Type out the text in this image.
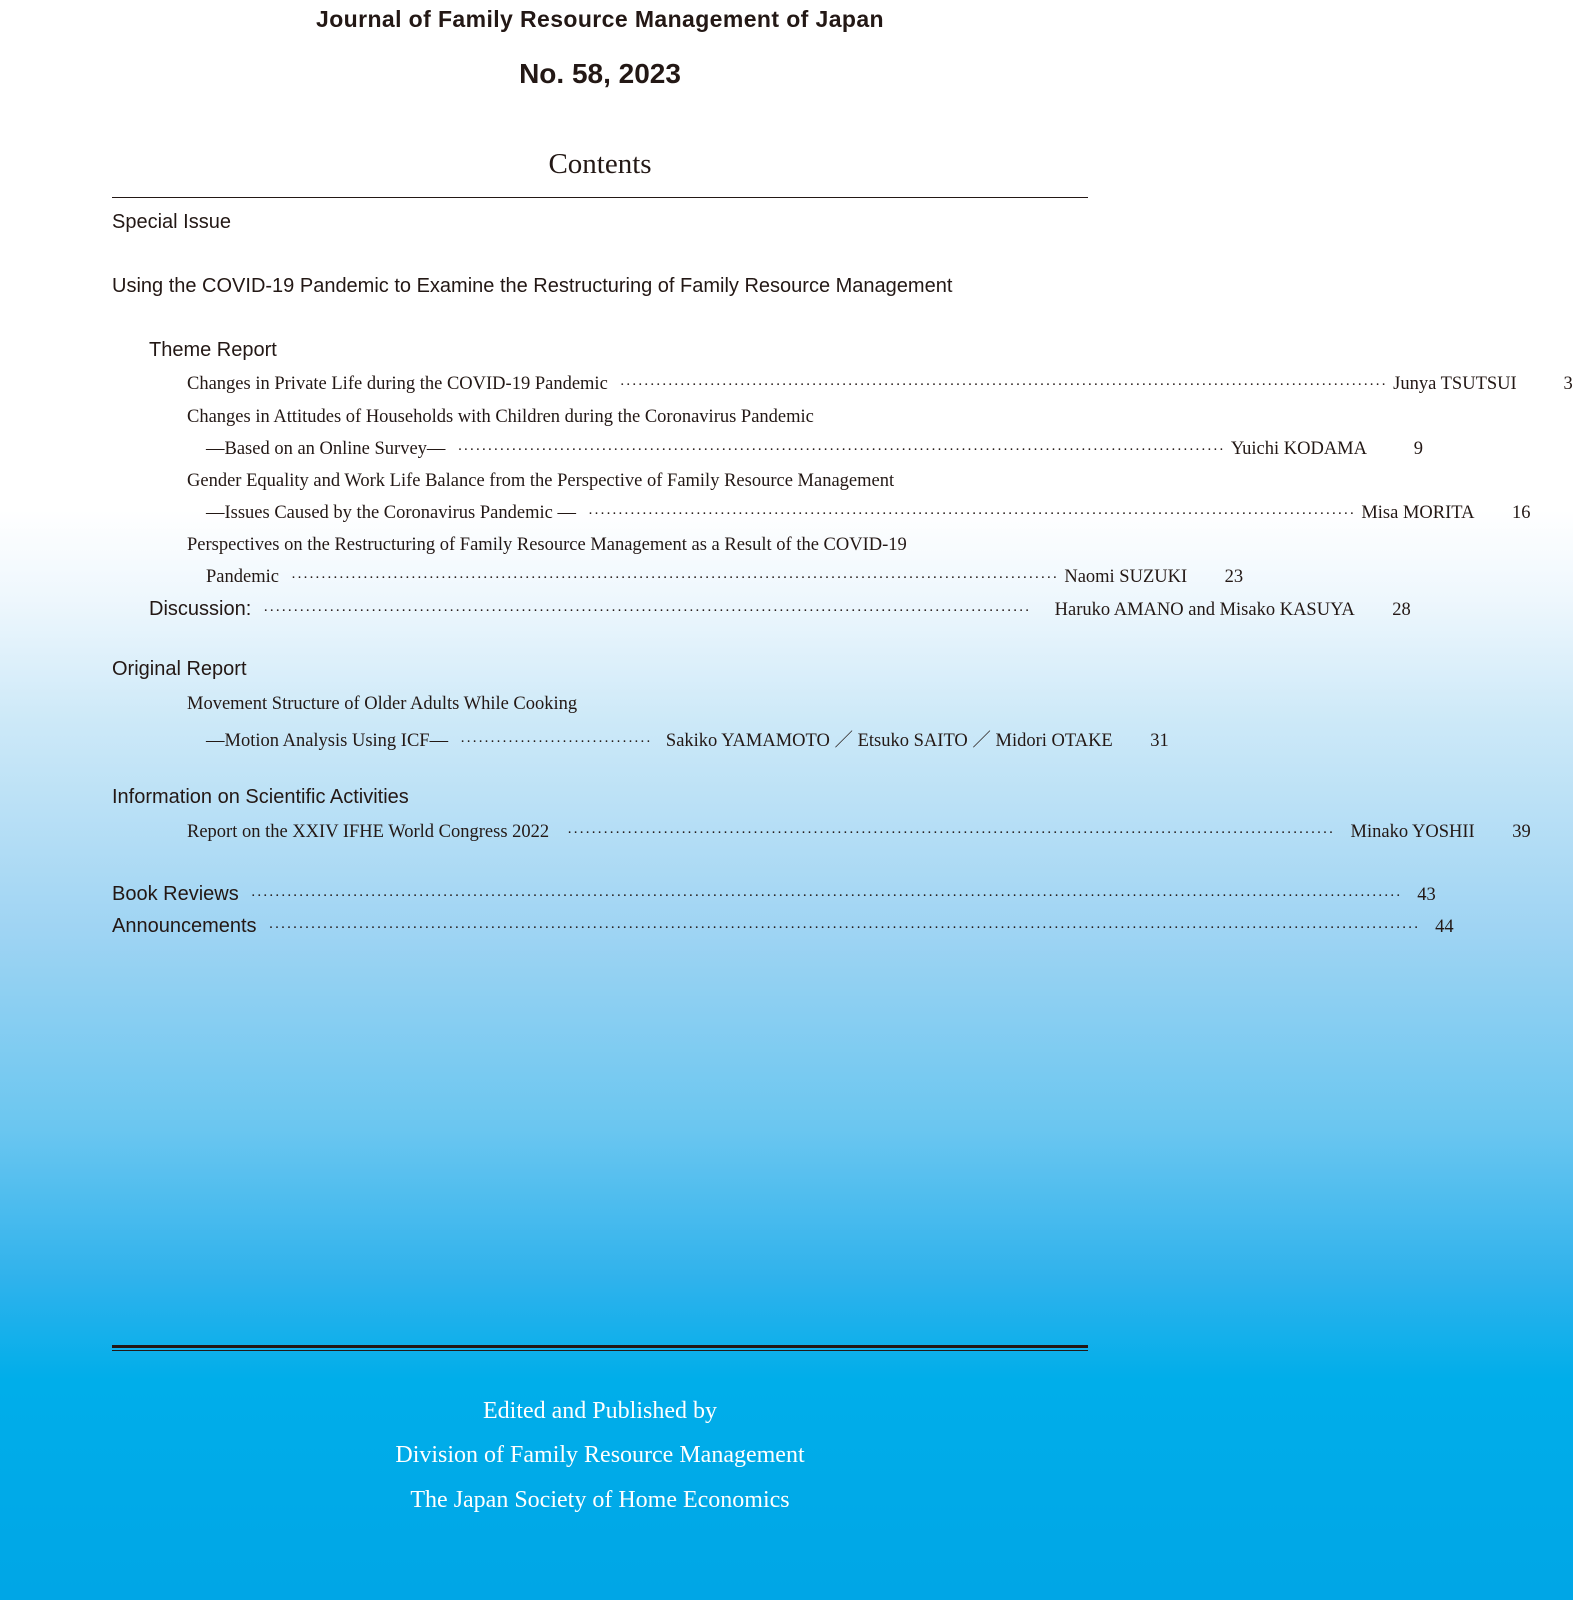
Journal of Family Resource Management of Japan
No. 58, 2023
Contents
Special Issue
Using the COVID-19 Pandemic to Examine the Restructuring of Family Resource Management
Theme Report
Changes in Private Life during the COVID-19 Pandemic ································································································································ Junya TSUTSUI	3
Changes in Attitudes of Households with Children during the Coronavirus Pandemic
―Based on an Online Survey― ································································································································ Yuichi KODAMA	9
Gender Equality and Work Life Balance from the Perspective of Family Resource Management
―Issues Caused by the Coronavirus Pandemic ― ································································································································ Misa MORITA	16
Perspectives on the Restructuring of Family Resource Management as a Result of the COVID-19
Pandemic ································································································································ Naomi SUZUKI	23
Discussion: ································································································································ Haruko AMANO and Misako KASUYA	28
Original Report
Movement Structure of Older Adults While Cooking
―Motion Analysis Using ICF― ································ Sakiko YAMAMOTO ／ Etsuko SAITO ／ Midori OTAKE	31
Information on Scientific Activities
Report on the XXIV IFHE World Congress 2022 ································································································································ Minako YOSHII	39
Book Reviews ································································································································································································ 43
Announcements ································································································································································································ 44
Edited and Published by
Division of Family Resource Management
The Japan Society of Home Economics
